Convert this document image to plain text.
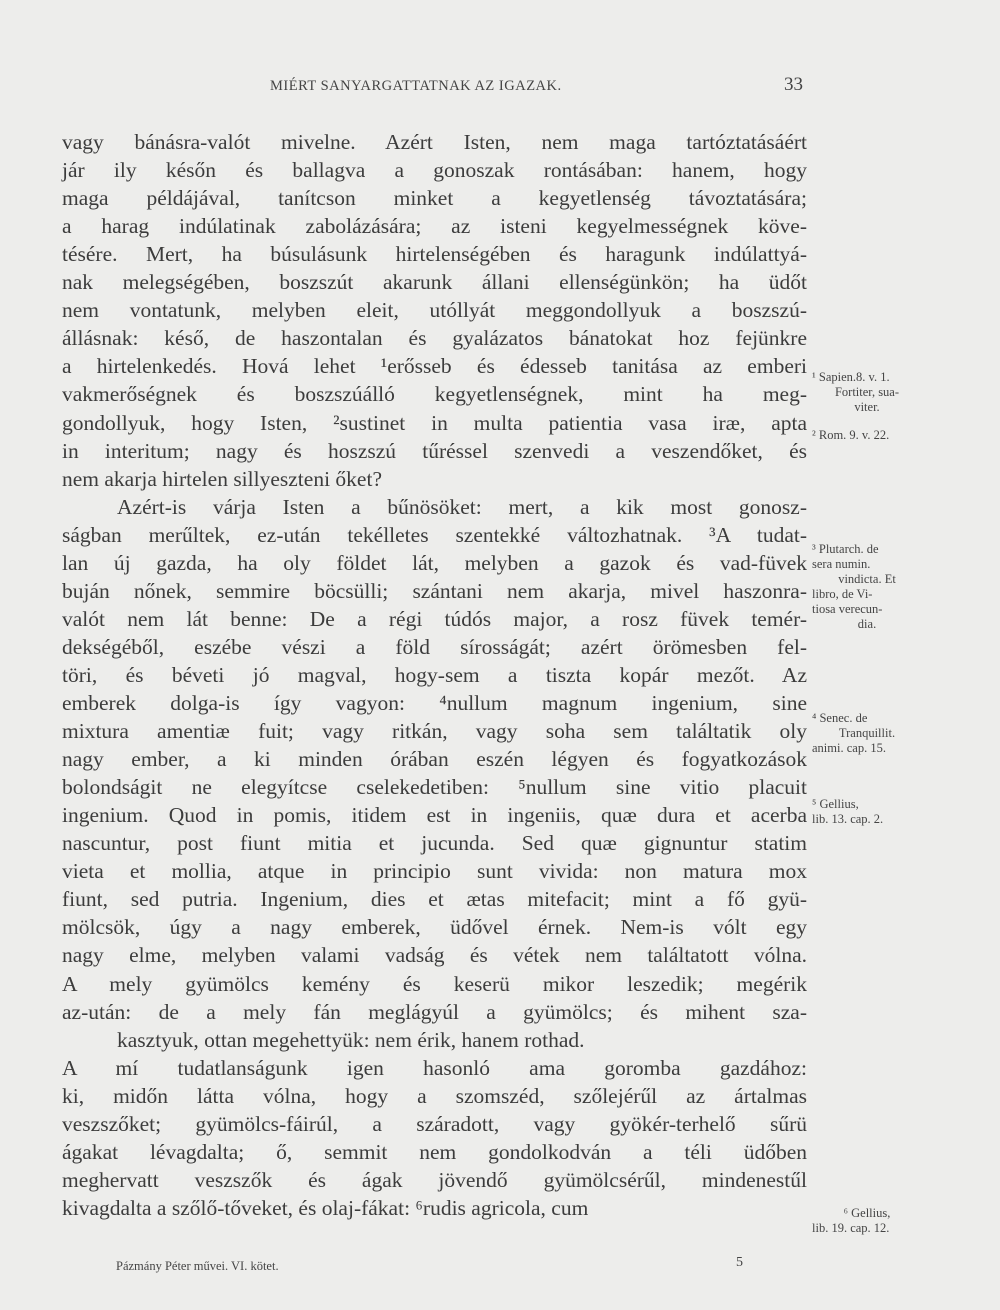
MIÉRT SANYARGATTATNAK AZ IGAZAK.	33
vagy bánásra-valót mivelne. Azért Isten, nem maga tartóztatásáért
jár ily későn és ballagva a gonoszak rontásában: hanem, hogy
maga példájával, tanítcson minket a kegyetlenség távoztatására;
a harag indúlatinak zabolázására; az isteni kegyelmességnek köve-
tésére. Mert, ha búsulásunk hirtelenségében és haragunk indúlattyá-
nak melegségében, boszszút akarunk állani ellenségünkön; ha üdőt
nem vontatunk, melyben eleit, utóllyát meggondollyuk a boszszú-
állásnak: késő, de haszontalan és gyalázatos bánatokat hoz fejünkre
a hirtelenkedés. Hová lehet ¹erősseb és édesseb tanitása az emberi
vakmerőségnek és boszszúálló kegyetlenségnek, mint ha meg-
gondollyuk, hogy Isten, ²sustinet in multa patientia vasa iræ, apta
in interitum; nagy és hoszszú tűréssel szenvedi a veszendőket, és
nem akarja hirtelen sillyeszteni őket?
Azért-is várja Isten a bűnösöket: mert, a kik most gonosz-
ságban merűltek, ez-után tekélletes szentekké változhatnak. ³A tudat-
lan új gazda, ha oly földet lát, melyben a gazok és vad-füvek
buján nőnek, semmire böcsülli; szántani nem akarja, mivel haszonra-
valót nem lát benne: De a régi túdós major, a rosz füvek temér-
dekségéből, eszébe vészi a föld sírosságát; azért örömesben fel-
töri, és béveti jó magval, hogy-sem a tiszta kopár mezőt. Az
emberek dolga-is így vagyon: ⁴nullum magnum ingenium, sine
mixtura amentiæ fuit; vagy ritkán, vagy soha sem találtatik oly
nagy ember, a ki minden órában eszén légyen és fogyatkozások
bolondságit ne elegyítcse cselekedetiben: ⁵nullum sine vitio placuit
ingenium. Quod in pomis, itidem est in ingeniis, quæ dura et acerba
nascuntur, post fiunt mitia et jucunda. Sed quæ gignuntur statim
vieta et mollia, atque in principio sunt vivida: non matura mox
fiunt, sed putria. Ingenium, dies et ætas mitefacit; mint a fő gyü-
mölcsök, úgy a nagy emberek, üdővel érnek. Nem-is vólt egy
nagy elme, melyben valami vadság és vétek nem találtatott vólna.
A mely gyümölcs kemény és keserü mikor leszedik; megérik
az-után: de a mely fán meglágyúl a gyümölcs; és mihent sza-
kasztyuk, ottan megehettyük: nem érik, hanem rothad.
A mí tudatlanságunk igen hasonló ama goromba gazdához:
ki, midőn látta vólna, hogy a szomszéd, szőlejérűl az ártalmas
veszszőket; gyümölcs-fáirúl, a száradott, vagy gyökér-terhelő sűrü
ágakat lévagdalta; ő, semmit nem gondolkodván a téli üdőben
meghervatt veszszők és ágak jövendő gyümölcsérűl, mindenestűl
kivagdalta a szőlő-tőveket, és olaj-fákat: ⁶rudis agricola, cum
¹ Sapien.8. v. 1.
Fortiter, sua-
viter.
² Rom. 9. v. 22.
³ Plutarch. de
sera numin.
vindicta. Et
libro, de Vi-
tiosa verecun-
dia.
⁴ Senec. de
Tranquillit.
animi. cap. 15.
⁵ Gellius,
lib. 13. cap. 2.
⁶ Gellius,
lib. 19. cap. 12.
Pázmány Péter művei. VI. kötet.	5
